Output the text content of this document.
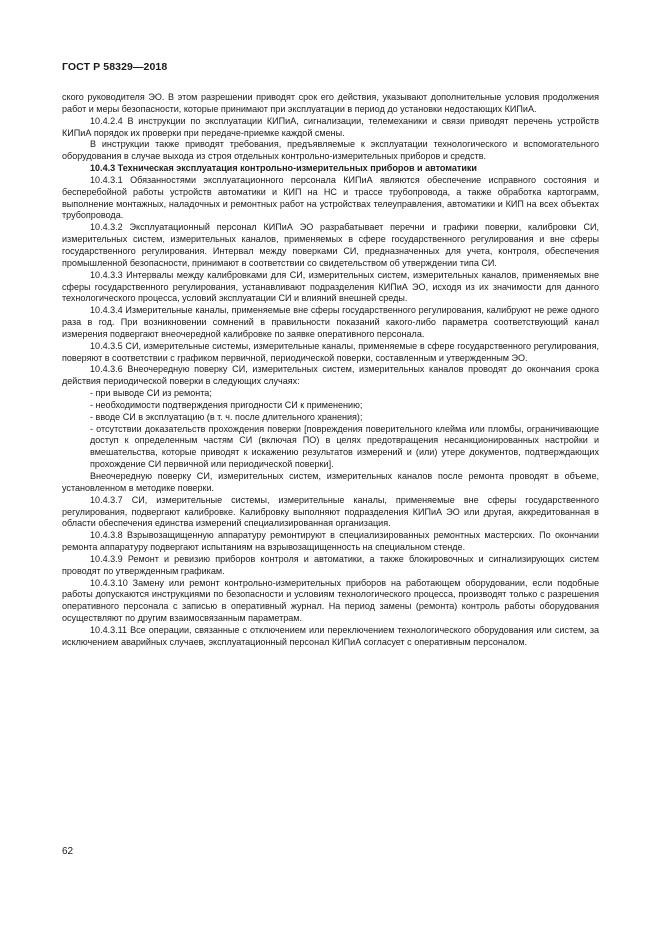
ГОСТ Р 58329—2018

ского руководителя ЭО. В этом разрешении приводят срок его действия, указывают дополнительные условия продолжения работ и меры безопасности, которые принимают при эксплуатации в период до установки недостающих КИПиА.

10.4.2.4 В инструкции по эксплуатации КИПиА, сигнализации, телемеханики и связи приводят перечень устройств КИПиА порядок их проверки при передаче-приемке каждой смены.

В инструкции также приводят требования, предъявляемые к эксплуатации технологического и вспомогательного оборудования в случае выхода из строя отдельных контрольно-измерительных приборов и средств.

10.4.3 Техническая эксплуатация контрольно-измерительных приборов и автоматики

10.4.3.1 Обязанностями эксплуатационного персонала КИПиА являются обеспечение исправного состояния и бесперебойной работы устройств автоматики и КИП на НС и трассе трубопровода, а также обработка картограмм, выполнение монтажных, наладочных и ремонтных работ на устройствах телеуправления, автоматики и КИП на всех объектах трубопровода.

10.4.3.2 Эксплуатационный персонал КИПиА ЭО разрабатывает перечни и графики поверки, калибровки СИ, измерительных систем, измерительных каналов, применяемых в сфере государственного регулирования и вне сферы государственного регулирования. Интервал между поверками СИ, предназначенных для учета, контроля, обеспечения промышленной безопасности, принимают в соответствии со свидетельством об утверждении типа СИ.

10.4.3.3 Интервалы между калибровками для СИ, измерительных систем, измерительных каналов, применяемых вне сферы государственного регулирования, устанавливают подразделения КИПиА ЭО, исходя из их значимости для данного технологического процесса, условий эксплуатации СИ и влияний внешней среды.

10.4.3.4 Измерительные каналы, применяемые вне сферы государственного регулирования, калибруют не реже одного раза в год. При возникновении сомнений в правильности показаний какого-либо параметра соответствующий канал измерения подвергают внеочередной калибровке по заявке оперативного персонала.

10.4.3.5 СИ, измерительные системы, измерительные каналы, применяемые в сфере государственного регулирования, поверяют в соответствии с графиком первичной, периодической поверки, составленным и утвержденным ЭО.

10.4.3.6 Внеочередную поверку СИ, измерительных систем, измерительных каналов проводят до окончания срока действия периодической поверки в следующих случаях:

- при выводе СИ из ремонта;

- необходимости подтверждения пригодности СИ к применению;

- вводе СИ в эксплуатацию (в т. ч. после длительного хранения);

- отсутствии доказательств прохождения поверки [повреждения поверительного клейма или пломбы, ограничивающие доступ к определенным частям СИ (включая ПО) в целях предотвращения несанкционированных настройки и вмешательства, которые приводят к искажению результатов измерений и (или) утере документов, подтверждающих прохождение СИ первичной или периодической поверки].

Внеочередную поверку СИ, измерительных систем, измерительных каналов после ремонта проводят в объеме, установленном в методике поверки.

10.4.3.7 СИ, измерительные системы, измерительные каналы, применяемые вне сферы государственного регулирования, подвергают калибровке. Калибровку выполняют подразделения КИПиА ЭО или другая, аккредитованная в области обеспечения единства измерений специализированная организация.

10.4.3.8 Взрывозащищенную аппаратуру ремонтируют в специализированных ремонтных мастерских. По окончании ремонта аппаратуру подвергают испытаниям на взрывозащищенность на специальном стенде.

10.4.3.9 Ремонт и ревизию приборов контроля и автоматики, а также блокировочных и сигнализирующих систем проводят по утвержденным графикам.

10.4.3.10 Замену или ремонт контрольно-измерительных приборов на работающем оборудовании, если подобные работы допускаются инструкциями по безопасности и условиям технологического процесса, производят только с разрешения оперативного персонала с записью в оперативный журнал. На период замены (ремонта) контроль работы оборудования осуществляют по другим взаимосвязанным параметрам.

10.4.3.11 Все операции, связанные с отключением или переключением технологического оборудования или систем, за исключением аварийных случаев, эксплуатационный персонал КИПиА согласует с оперативным персоналом.

62
